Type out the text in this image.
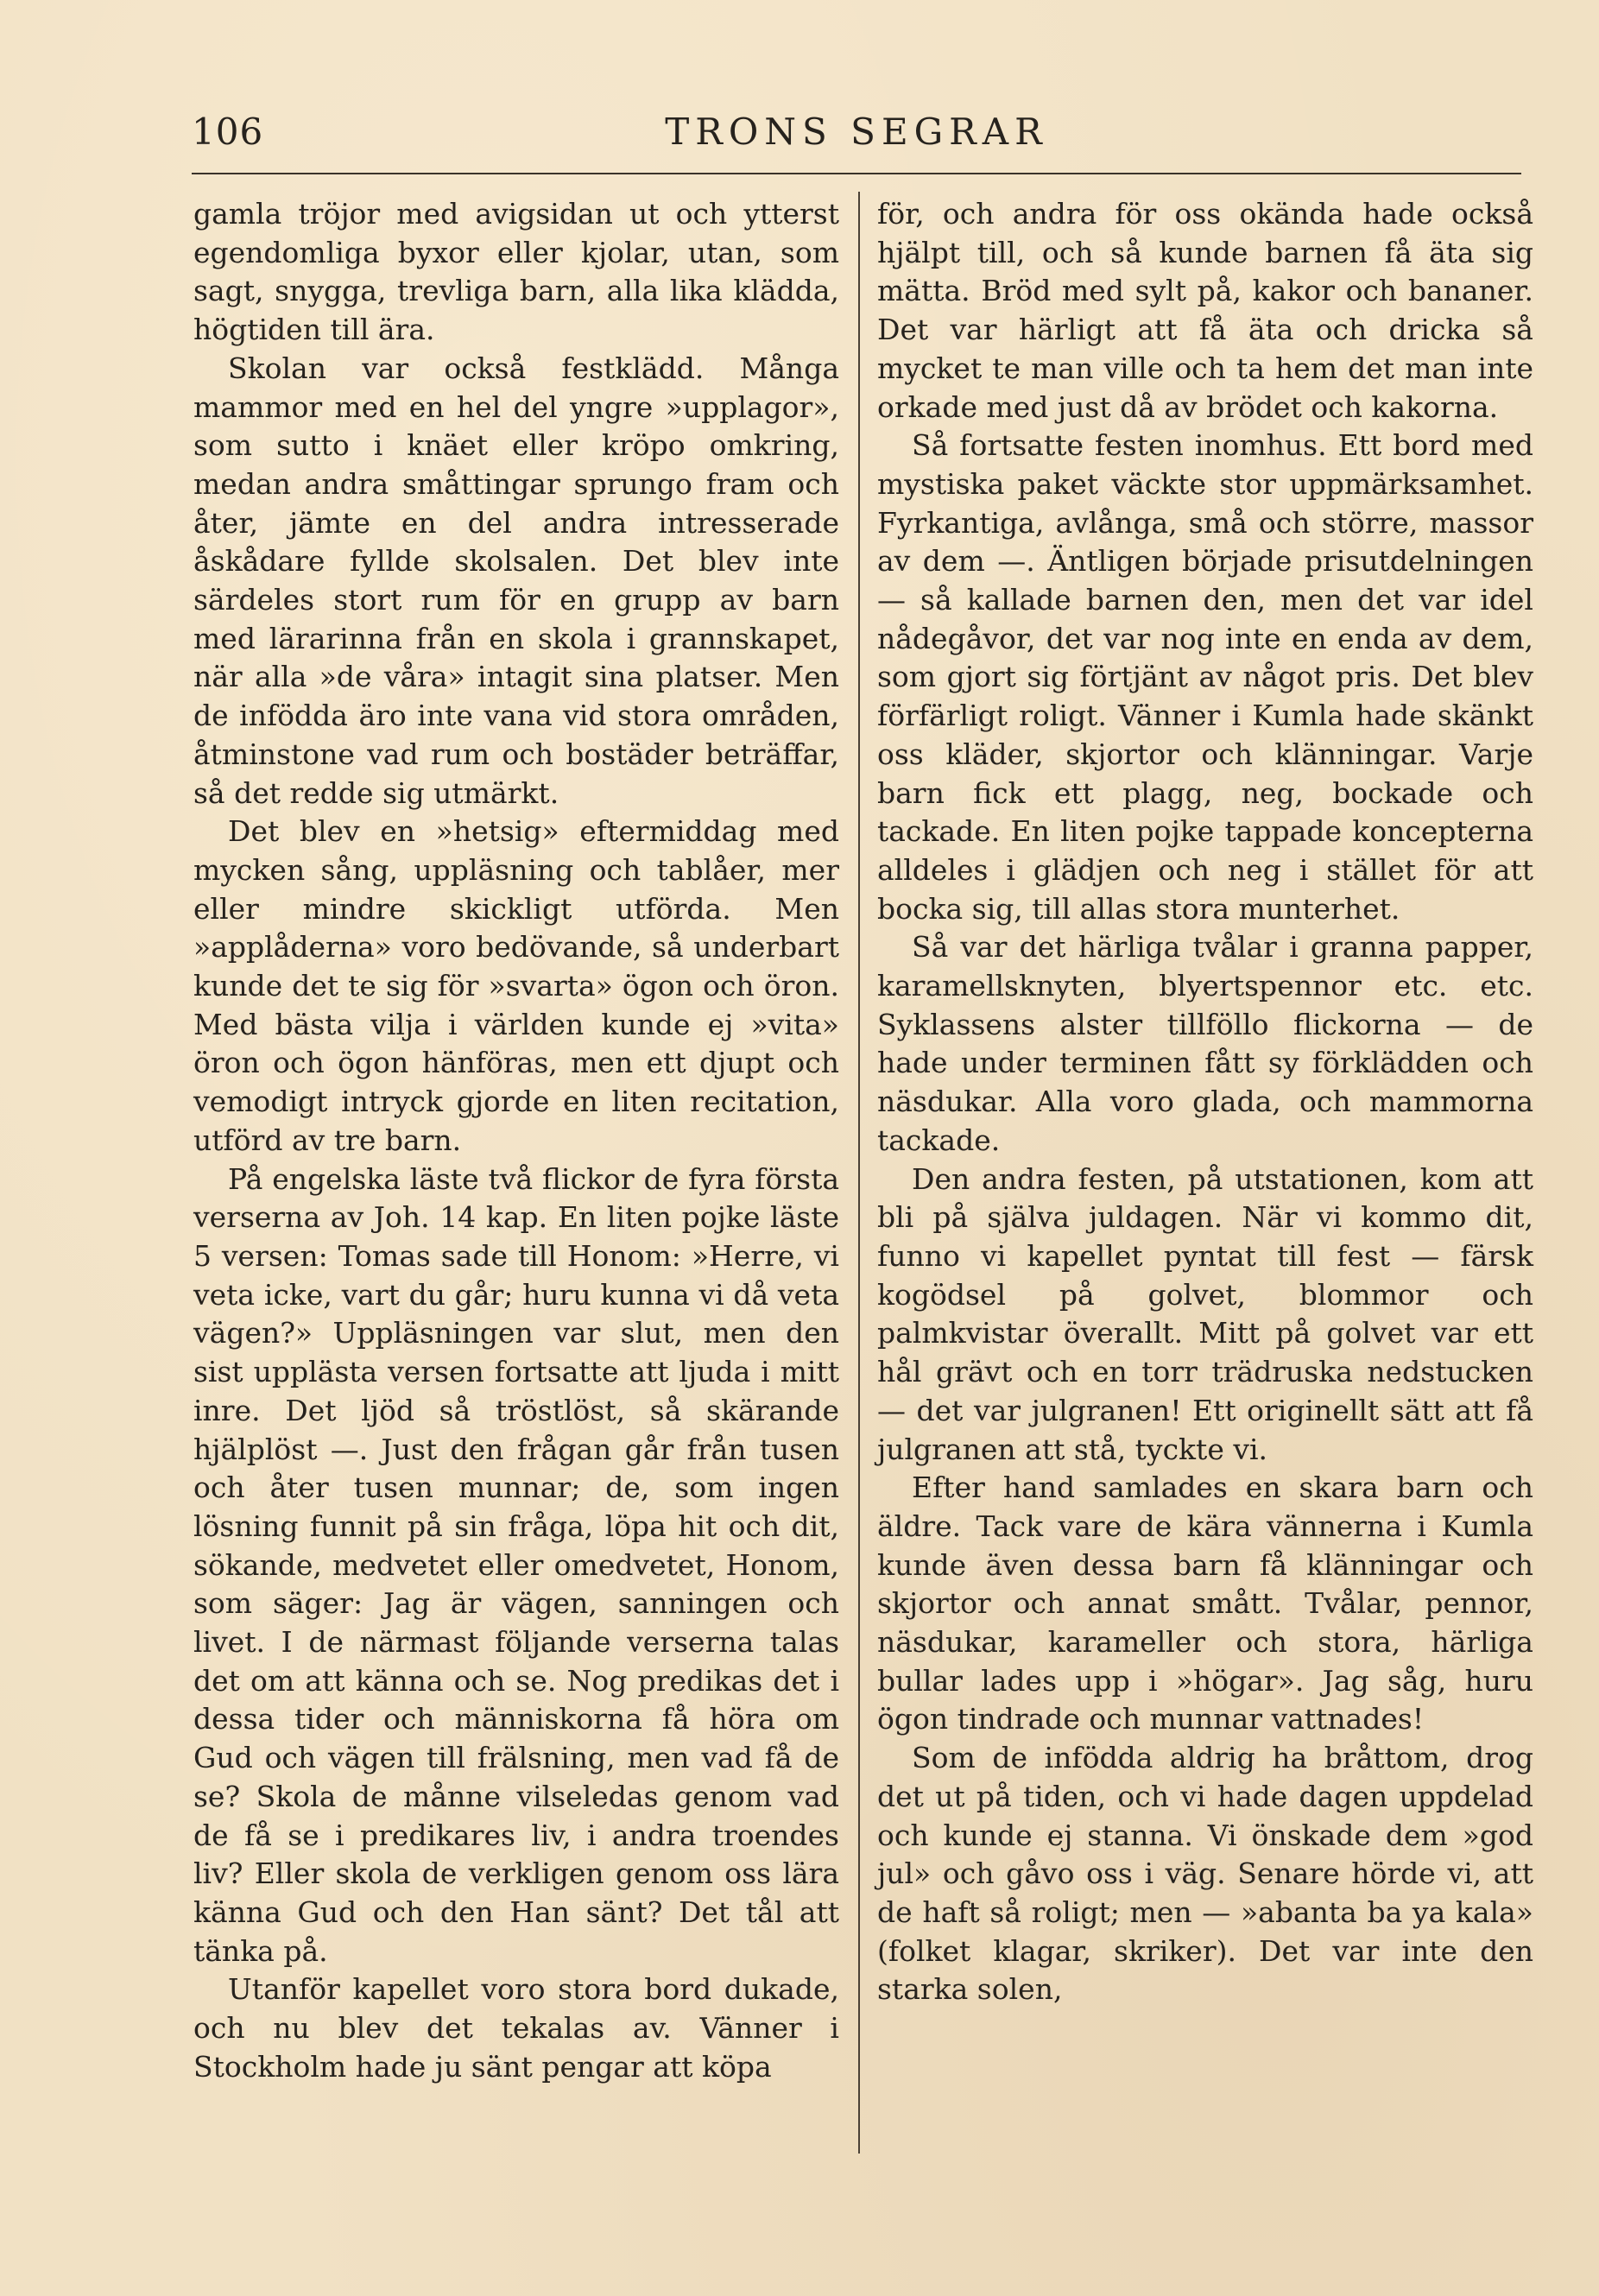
106	TRONS SEGRAR

gamla tröjor med avigsidan ut och ytterst egendomliga byxor eller kjolar, utan, som sagt, snygga, trevliga barn, alla lika klädda, högtiden till ära.

Skolan var också festklädd. Många mammor med en hel del yngre »upplagor», som sutto i knäet eller kröpo omkring, medan andra småttingar sprungo fram och åter, jämte en del andra intresserade åskådare fyllde skolsalen. Det blev inte särdeles stort rum för en grupp av barn med lärarinna från en skola i grannskapet, när alla »de våra» intagit sina platser. Men de infödda äro inte vana vid stora områden, åtminstone vad rum och bostäder beträffar, så det redde sig utmärkt.

Det blev en »hetsig» eftermiddag med mycken sång, uppläsning och tablåer, mer eller mindre skickligt utförda. Men »applåderna» voro bedövande, så underbart kunde det te sig för »svarta» ögon och öron. Med bästa vilja i världen kunde ej »vita» öron och ögon hänföras, men ett djupt och vemodigt intryck gjorde en liten recitation, utförd av tre barn.

På engelska läste två flickor de fyra första verserna av Joh. 14 kap. En liten pojke läste 5 versen: Tomas sade till Honom: »Herre, vi veta icke, vart du går; huru kunna vi då veta vägen?» Uppläsningen var slut, men den sist upplästa versen fortsatte att ljuda i mitt inre. Det ljöd så tröstlöst, så skärande hjälplöst —. Just den frågan går från tusen och åter tusen munnar; de, som ingen lösning funnit på sin fråga, löpa hit och dit, sökande, medvetet eller omedvetet, Honom, som säger: Jag är vägen, sanningen och livet. I de närmast följande verserna talas det om att känna och se. Nog predikas det i dessa tider och människorna få höra om Gud och vägen till frälsning, men vad få de se? Skola de månne vilseledas genom vad de få se i predikares liv, i andra troendes liv? Eller skola de verkligen genom oss lära känna Gud och den Han sänt? Det tål att tänka på.

Utanför kapellet voro stora bord dukade, och nu blev det tekalas av. Vänner i Stockholm hade ju sänt pengar att köpa

för, och andra för oss okända hade också hjälpt till, och så kunde barnen få äta sig mätta. Bröd med sylt på, kakor och bananer. Det var härligt att få äta och dricka så mycket te man ville och ta hem det man inte orkade med just då av brödet och kakorna.

Så fortsatte festen inomhus. Ett bord med mystiska paket väckte stor uppmärksamhet. Fyrkantiga, avlånga, små och större, massor av dem —. Äntligen började prisutdelningen — så kallade barnen den, men det var idel nådegåvor, det var nog inte en enda av dem, som gjort sig förtjänt av något pris. Det blev förfärligt roligt. Vänner i Kumla hade skänkt oss kläder, skjortor och klänningar. Varje barn fick ett plagg, neg, bockade och tackade. En liten pojke tappade koncepterna alldeles i glädjen och neg i stället för att bocka sig, till allas stora munterhet.

Så var det härliga tvålar i granna papper, karamellsknyten, blyertspennor etc. etc. Syklassens alster tillföllo flickorna — de hade under terminen fått sy förklädden och näsdukar. Alla voro glada, och mammorna tackade.

Den andra festen, på utstationen, kom att bli på själva juldagen. När vi kommo dit, funno vi kapellet pyntat till fest — färsk kogödsel på golvet, blommor och palmkvistar överallt. Mitt på golvet var ett hål grävt och en torr trädruska nedstucken — det var julgranen! Ett originellt sätt att få julgranen att stå, tyckte vi.

Efter hand samlades en skara barn och äldre. Tack vare de kära vännerna i Kumla kunde även dessa barn få klänningar och skjortor och annat smått. Tvålar, pennor, näsdukar, karameller och stora, härliga bullar lades upp i »högar». Jag såg, huru ögon tindrade och munnar vattnades!

Som de infödda aldrig ha bråttom, drog det ut på tiden, och vi hade dagen uppdelad och kunde ej stanna. Vi önskade dem »god jul» och gåvo oss i väg. Senare hörde vi, att de haft så roligt; men — »abanta ba ya kala» (folket klagar, skriker). Det var inte den starka solen,
